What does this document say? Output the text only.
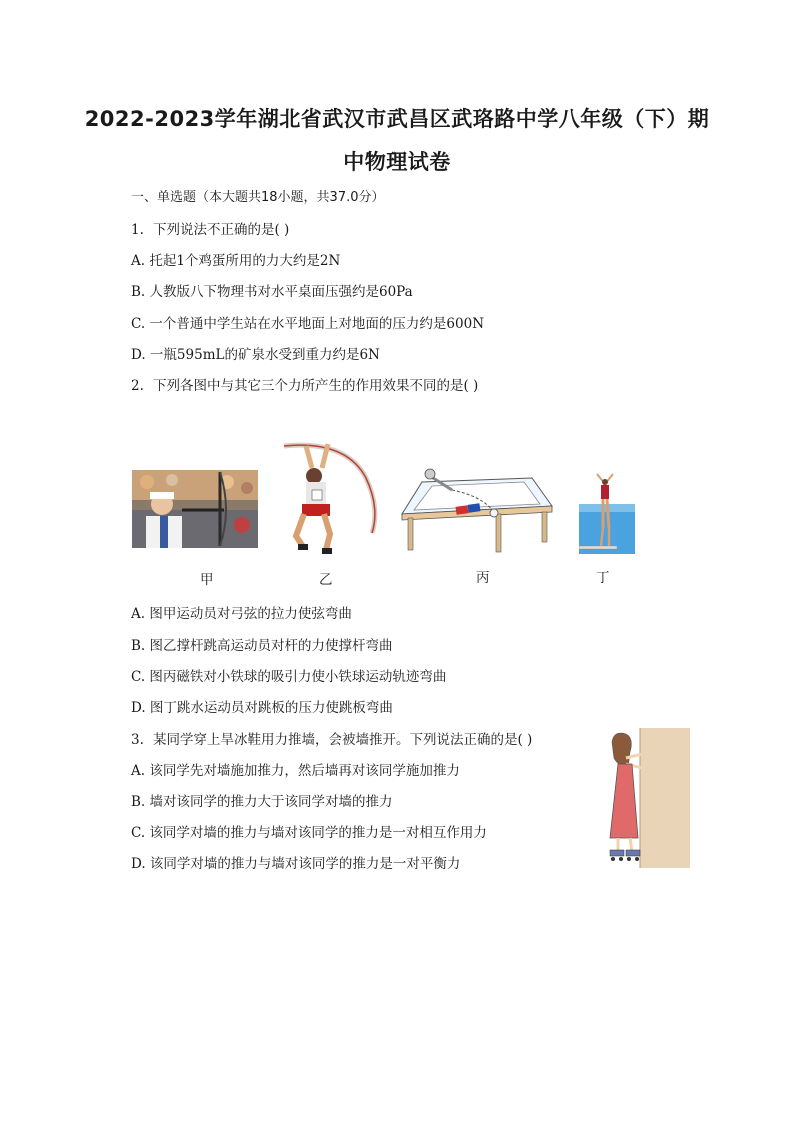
2022-2023学年湖北省武汉市武昌区武珞路中学八年级（下）期
中物理试卷
一、单选题（本大题共18小题，共37.0分）
1. 下列说法不正确的是( )
A. 托起1个鸡蛋所用的力大约是2N
B. 人教版八下物理书对水平桌面压强约是60Pa
C. 一个普通中学生站在水平地面上对地面的压力约是600N
D. 一瓶595mL的矿泉水受到重力约是6N
2. 下列各图中与其它三个力所产生的作用效果不同的是( )
甲	乙	丙	丁
A. 图甲运动员对弓弦的拉力使弦弯曲
B. 图乙撑杆跳高运动员对杆的力使撑杆弯曲
C. 图丙磁铁对小铁球的吸引力使小铁球运动轨迹弯曲
D. 图丁跳水运动员对跳板的压力使跳板弯曲
3. 某同学穿上旱冰鞋用力推墙，会被墙推开。下列说法正确的是( )
A. 该同学先对墙施加推力，然后墙再对该同学施加推力
B. 墙对该同学的推力大于该同学对墙的推力
C. 该同学对墙的推力与墙对该同学的推力是一对相互作用力
D. 该同学对墙的推力与墙对该同学的推力是一对平衡力
